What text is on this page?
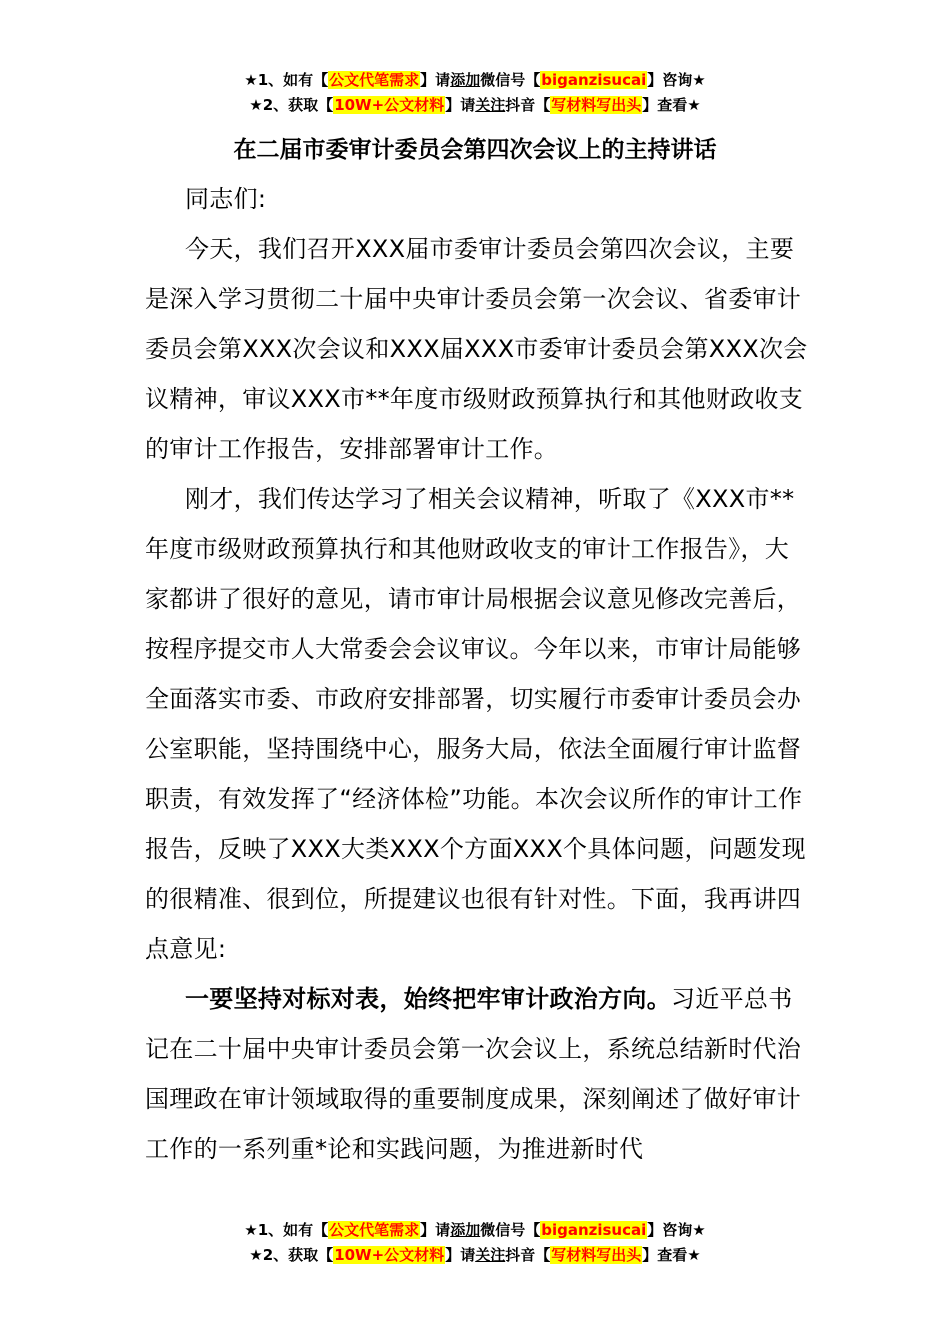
★1、如有【公文代笔需求】请添加微信号【biganzisucai】咨询★
★2、获取【10W+公文材料】请关注抖音【写材料写出头】查看★
在二届市委审计委员会第四次会议上的主持讲话

同志们:

今天，我们召开XXX届市委审计委员会第四次会议，主要是深入学习贯彻二十届中央审计委员会第一次会议、省委审计委员会第XXX次会议和XXX届XXX市委审计委员会第XXX次会议精神，审议XXX市**年度市级财政预算执行和其他财政收支的审计工作报告，安排部署审计工作。

刚才，我们传达学习了相关会议精神，听取了《XXX市**年度市级财政预算执行和其他财政收支的审计工作报告》，大家都讲了很好的意见，请市审计局根据会议意见修改完善后，按程序提交市人大常委会会议审议。今年以来，市审计局能够全面落实市委、市政府安排部署，切实履行市委审计委员会办公室职能，坚持围绕中心，服务大局，依法全面履行审计监督职责，有效发挥了“经济体检”功能。本次会议所作的审计工作报告，反映了XXX大类XXX个方面XXX个具体问题，问题发现的很精准、很到位，所提建议也很有针对性。下面，我再讲四点意见:

一要坚持对标对表，始终把牢审计政治方向。习近平总书记在二十届中央审计委员会第一次会议上，系统总结新时代治国理政在审计领域取得的重要制度成果，深刻阐述了做好审计工作的一系列重*论和实践问题，为推进新时代

★1、如有【公文代笔需求】请添加微信号【biganzisucai】咨询★
★2、获取【10W+公文材料】请关注抖音【写材料写出头】查看★
